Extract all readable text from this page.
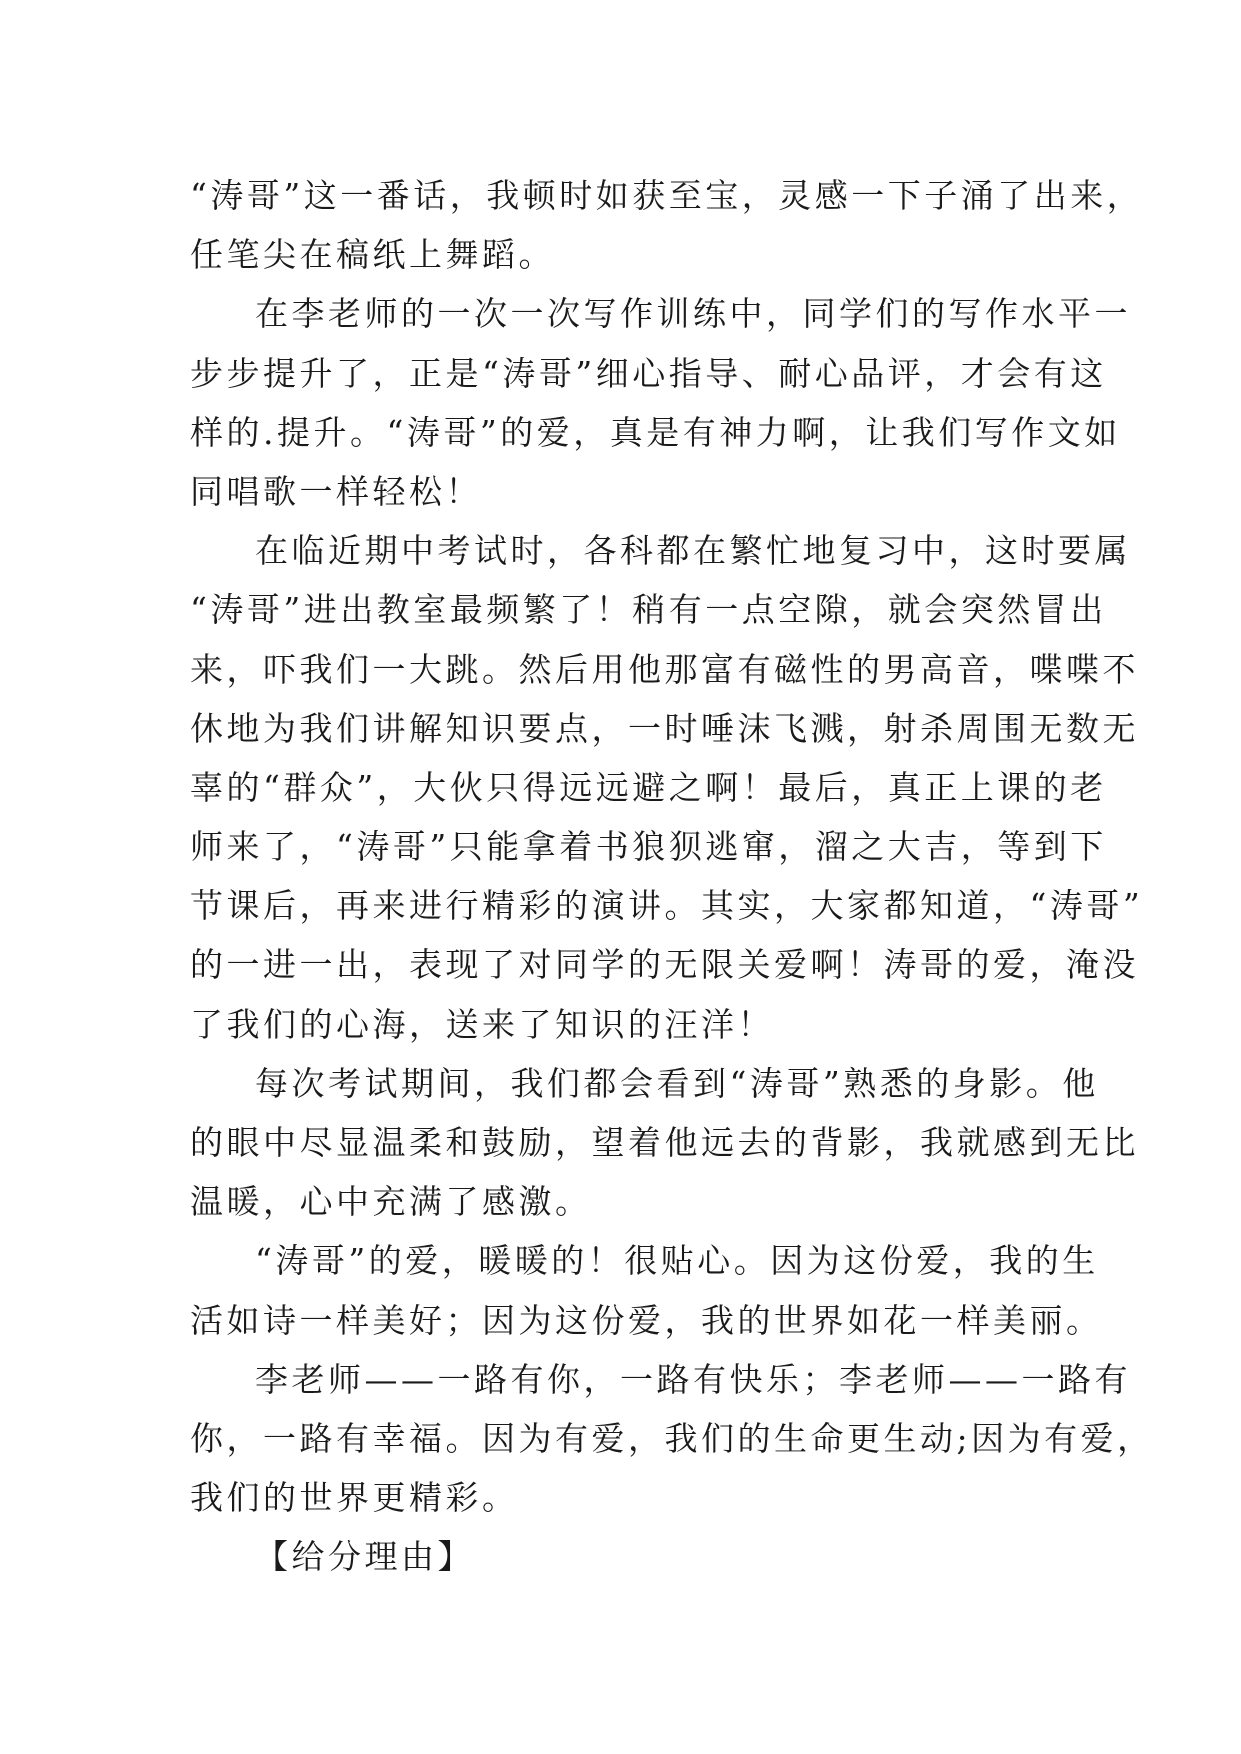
“涛哥”这一番话，我顿时如获至宝，灵感一下子涌了出来，
任笔尖在稿纸上舞蹈。
在李老师的一次一次写作训练中，同学们的写作水平一
步步提升了，正是“涛哥”细心指导、耐心品评，才会有这
样的.提升。“涛哥”的爱，真是有神力啊，让我们写作文如
同唱歌一样轻松！
在临近期中考试时，各科都在繁忙地复习中，这时要属
“涛哥”进出教室最频繁了！稍有一点空隙，就会突然冒出
来，吓我们一大跳。然后用他那富有磁性的男高音，喋喋不
休地为我们讲解知识要点，一时唾沫飞溅，射杀周围无数无
辜的“群众”，大伙只得远远避之啊！最后，真正上课的老
师来了，“涛哥”只能拿着书狼狈逃窜，溜之大吉，等到下
节课后，再来进行精彩的演讲。其实，大家都知道，“涛哥”
的一进一出，表现了对同学的无限关爱啊！涛哥的爱，淹没
了我们的心海，送来了知识的汪洋！
每次考试期间，我们都会看到“涛哥”熟悉的身影。他
的眼中尽显温柔和鼓励，望着他远去的背影，我就感到无比
温暖，心中充满了感激。
“涛哥”的爱，暖暖的！很贴心。因为这份爱，我的生
活如诗一样美好；因为这份爱，我的世界如花一样美丽。
李老师——一路有你，一路有快乐；李老师——一路有
你，一路有幸福。因为有爱，我们的生命更生动;因为有爱，
我们的世界更精彩。
【给分理由】
